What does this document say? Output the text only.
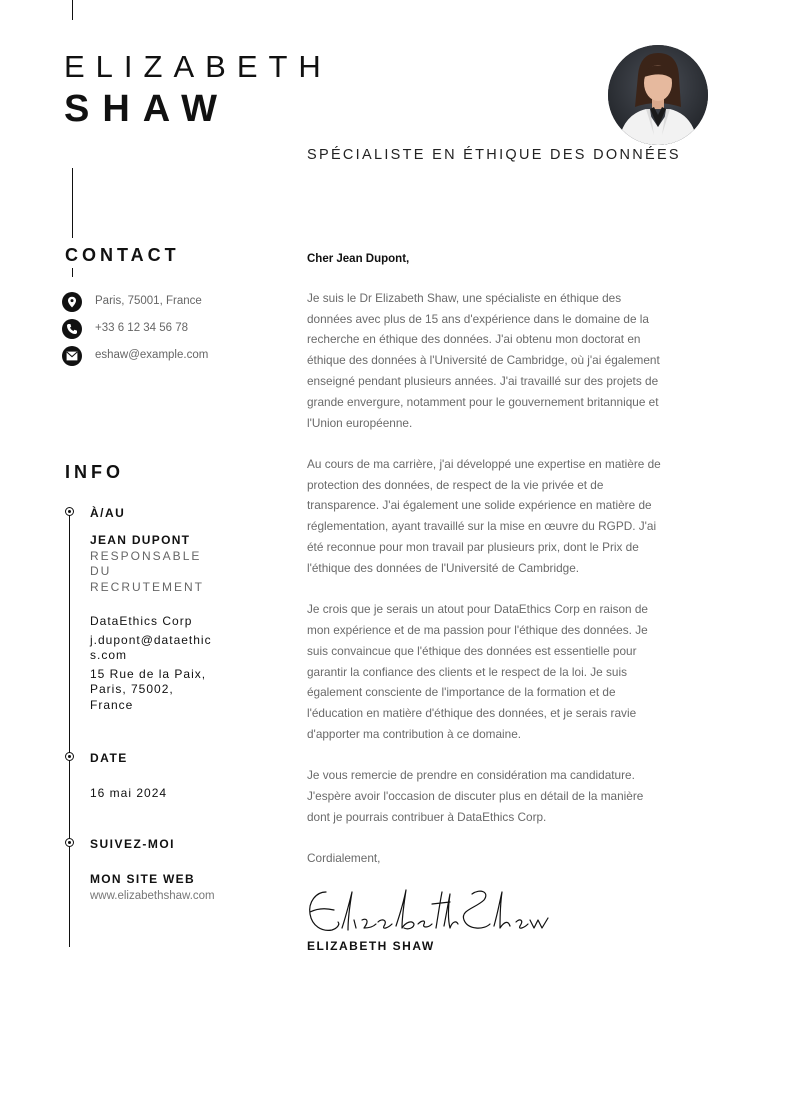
ELIZABETH
SHAW
SPÉCIALISTE EN ÉTHIQUE DES DONNÉES
CONTACT
Paris, 75001, France
+33 6 12 34 56 78
eshaw@example.com
INFO
À/AU
JEAN DUPONT
RESPONSABLE DU RECRUTEMENT
DataEthics Corp
j.dupont@dataethics.com
15 Rue de la Paix, Paris, 75002, France
DATE
16 mai 2024
SUIVEZ-MOI
MON SITE WEB
www.elizabethshaw.com
Cher Jean Dupont,

Je suis le Dr Elizabeth Shaw, une spécialiste en éthique des données avec plus de 15 ans d'expérience dans le domaine de la recherche en éthique des données. J'ai obtenu mon doctorat en éthique des données à l'Université de Cambridge, où j'ai également enseigné pendant plusieurs années. J'ai travaillé sur des projets de grande envergure, notamment pour le gouvernement britannique et l'Union européenne.

Au cours de ma carrière, j'ai développé une expertise en matière de protection des données, de respect de la vie privée et de transparence. J'ai également une solide expérience en matière de réglementation, ayant travaillé sur la mise en œuvre du RGPD. J'ai été reconnue pour mon travail par plusieurs prix, dont le Prix de l'éthique des données de l'Université de Cambridge.

Je crois que je serais un atout pour DataEthics Corp en raison de mon expérience et de ma passion pour l'éthique des données. Je suis convaincue que l'éthique des données est essentielle pour garantir la confiance des clients et le respect de la loi. Je suis également consciente de l'importance de la formation et de l'éducation en matière d'éthique des données, et je serais ravie d'apporter ma contribution à ce domaine.

Je vous remercie de prendre en considération ma candidature. J'espère avoir l'occasion de discuter plus en détail de la manière dont je pourrais contribuer à DataEthics Corp.

Cordialement,
ELIZABETH SHAW
